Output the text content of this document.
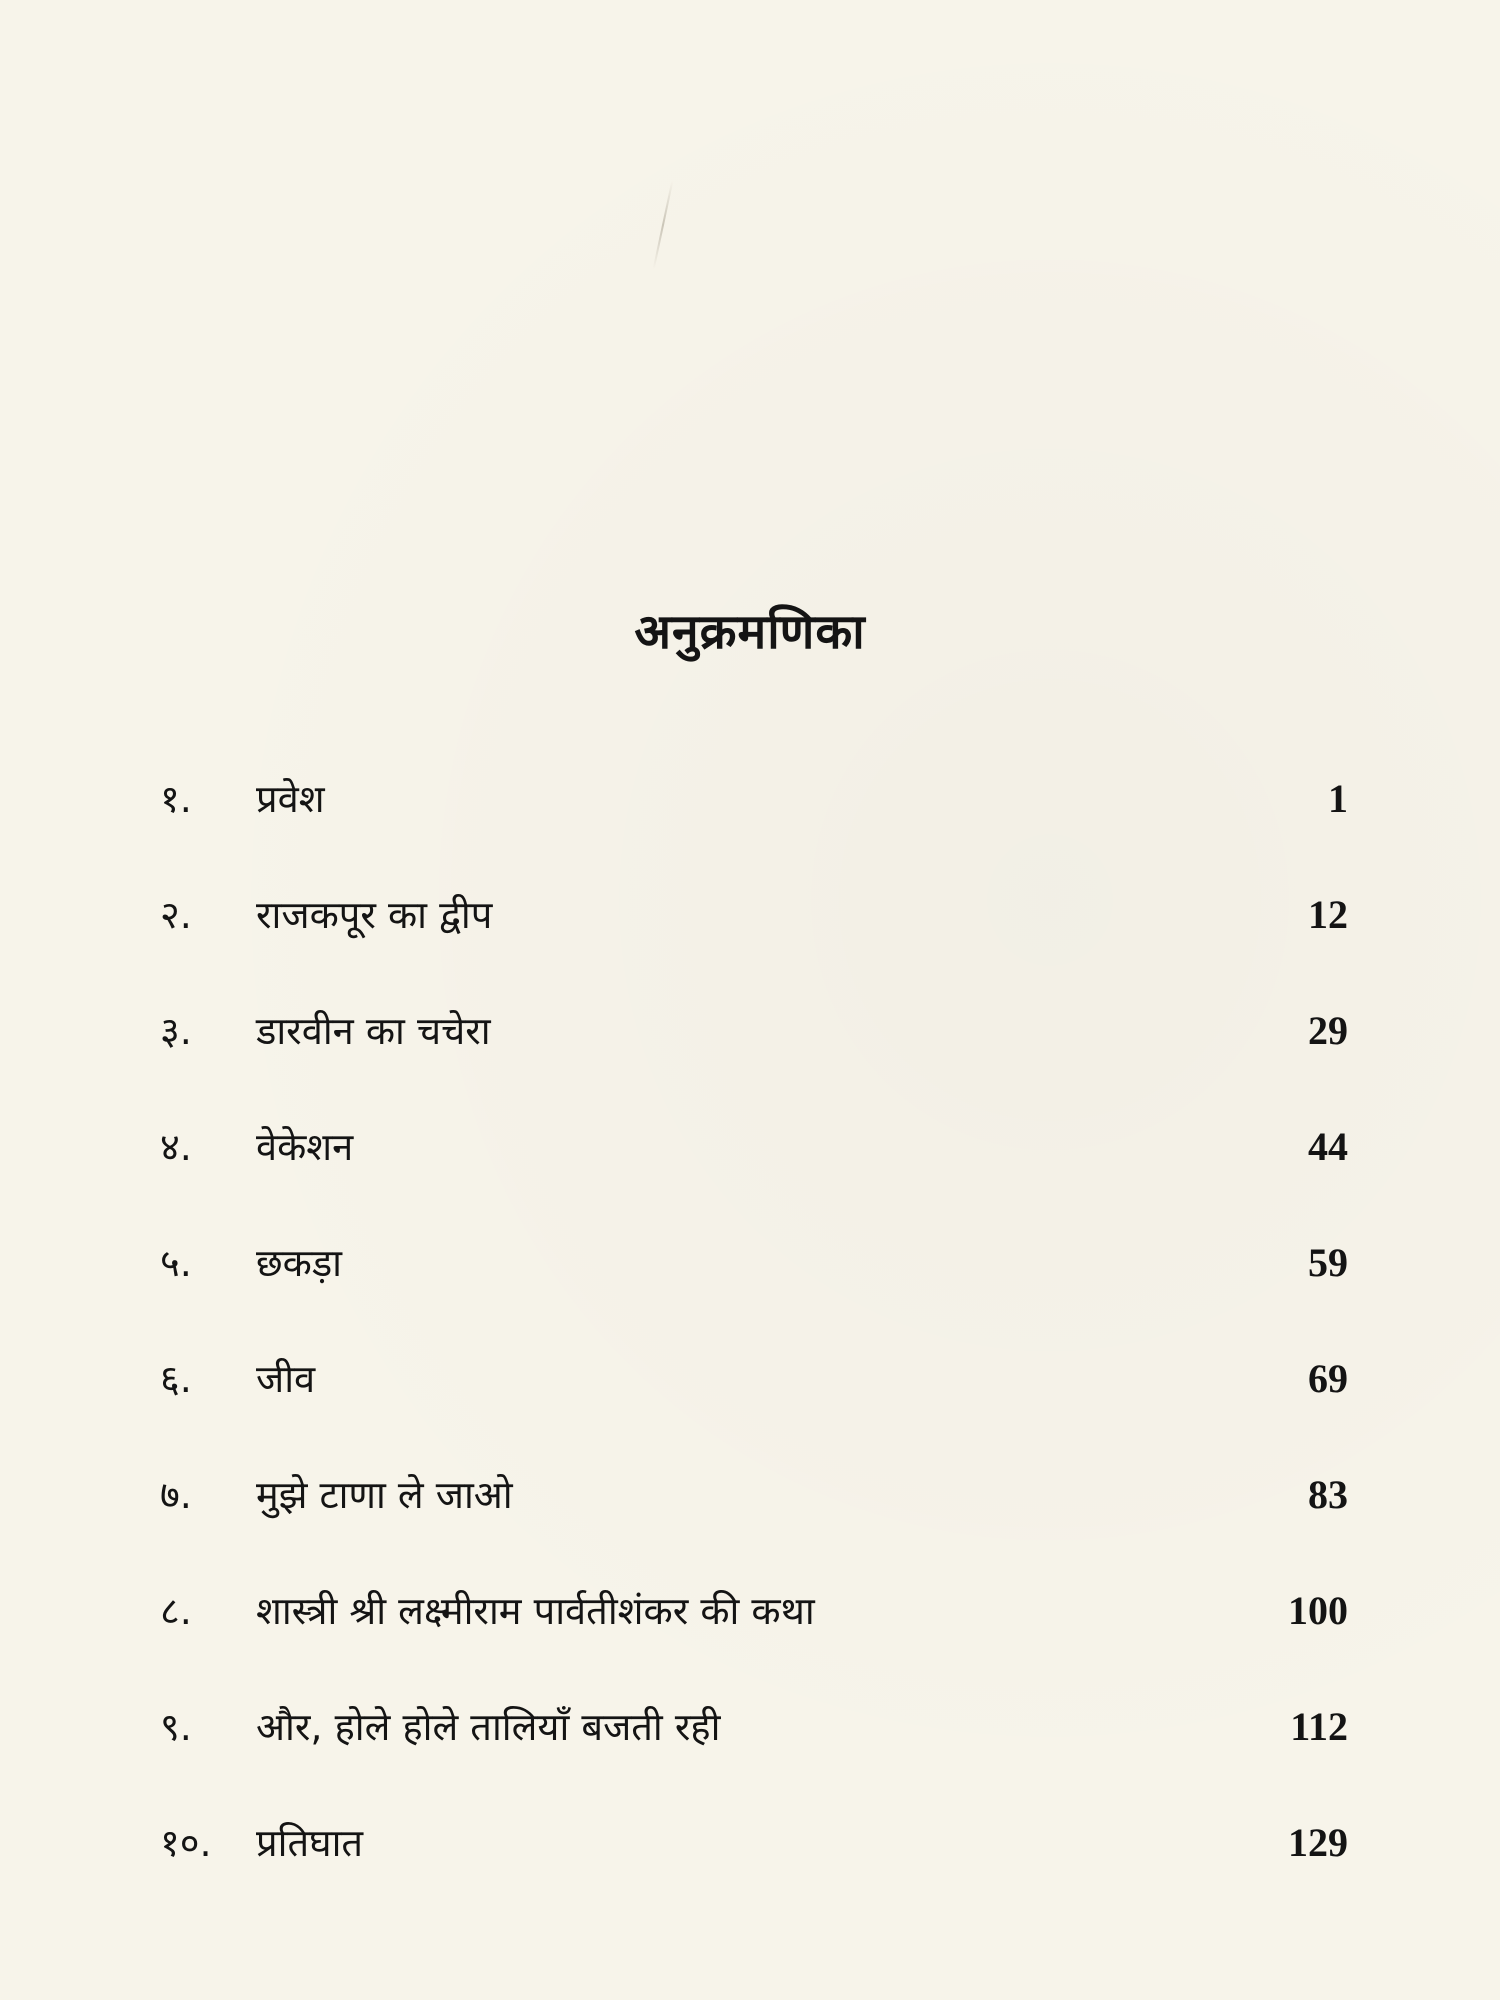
अनुक्रमणिका
१.	प्रवेश	1
२.	राजकपूर का द्वीप	12
३.	डारवीन का चचेरा	29
४.	वेकेशन	44
५.	छकड़ा	59
६.	जीव	69
७.	मुझे टाणा ले जाओ	83
८.	शास्त्री श्री लक्ष्मीराम पार्वतीशंकर की कथा	100
९.	और, होले होले तालियाँ बजती रही	112
१०.	प्रतिघात	129
